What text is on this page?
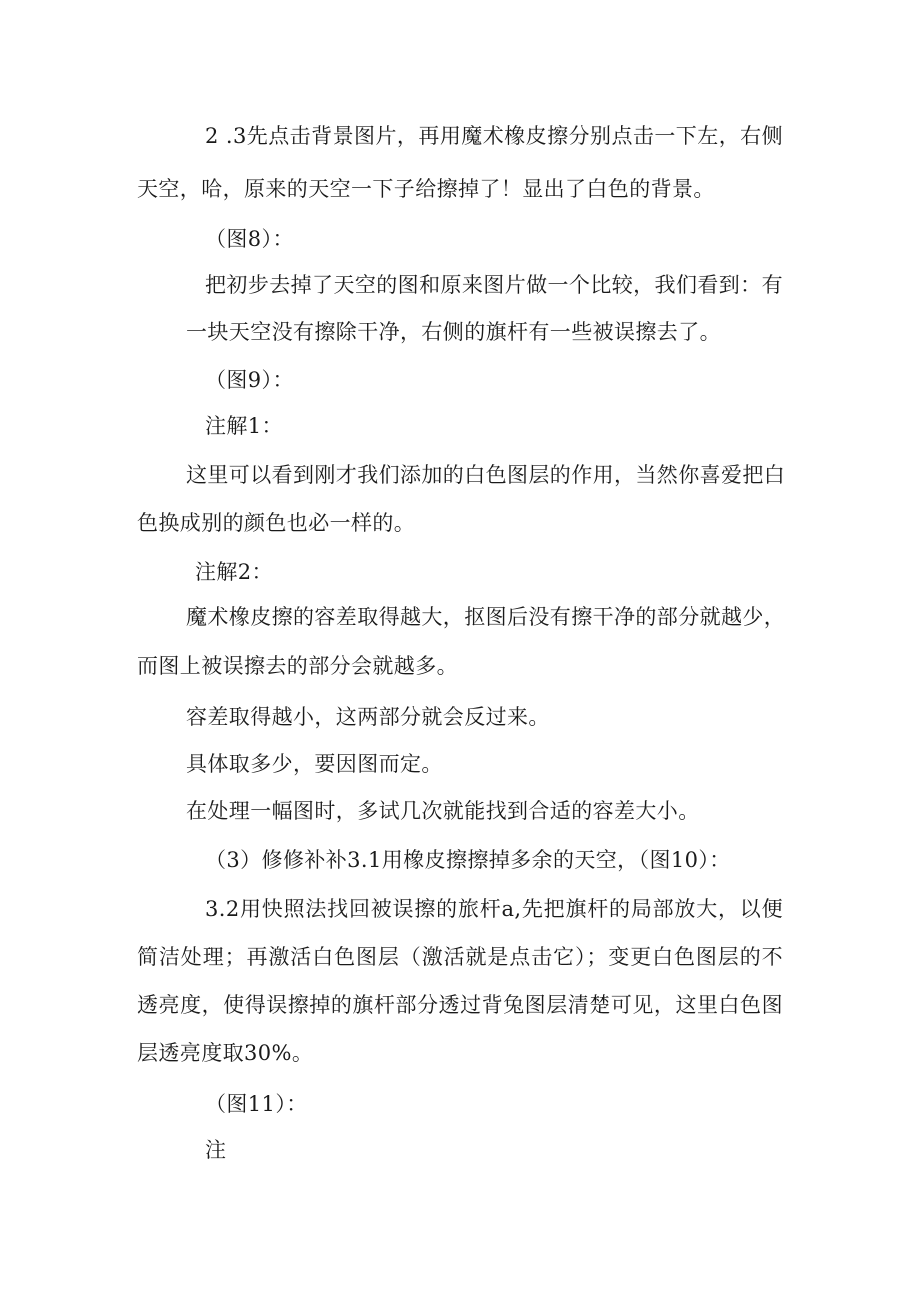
2 .3先点击背景图片，再用魔术橡皮擦分别点击一下左，右侧

天空，哈，原来的天空一下子给擦掉了！显出了白色的背景。

（图8）：

把初步去掉了天空的图和原来图片做一个比较，我们看到：有

一块天空没有擦除干净，右侧的旗杆有一些被误擦去了。

（图9）：

注解1：

这里可以看到刚才我们添加的白色图层的作用，当然你喜爱把白

色换成别的颜色也必一样的。

注解2：

魔术橡皮擦的容差取得越大，抠图后没有擦干净的部分就越少，

而图上被误擦去的部分会就越多。

容差取得越小，这两部分就会反过来。

具体取多少，要因图而定。

在处理一幅图时，多试几次就能找到合适的容差大小。

（3）修修补补3.1用橡皮擦擦掉多余的天空，（图10）：

3.2用快照法找回被误擦的旅杆a,先把旗杆的局部放大，以便

简洁处理；再激活白色图层（激活就是点击它）；变更白色图层的不

透亮度，使得误擦掉的旗杆部分透过背兔图层清楚可见，这里白色图

层透亮度取30%。

（图11）：

注
